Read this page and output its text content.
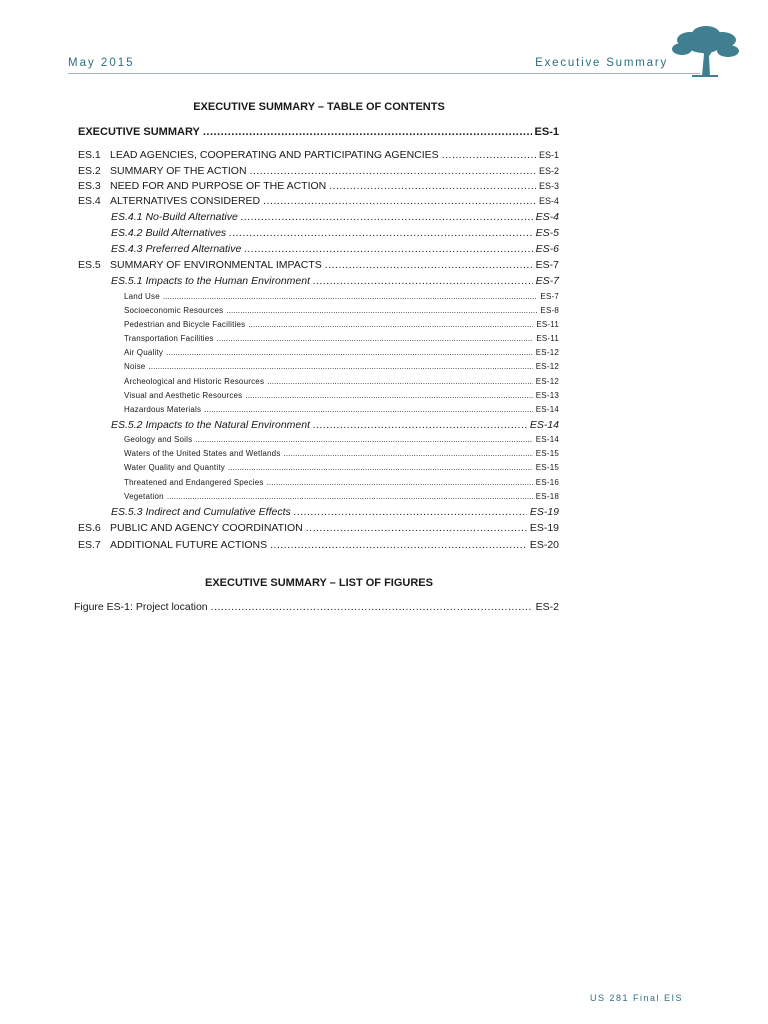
May 2015	Executive Summary
EXECUTIVE SUMMARY – TABLE OF CONTENTS
EXECUTIVE SUMMARY .....	ES-1
ES.1 LEAD AGENCIES, COOPERATING AND PARTICIPATING AGENCIES .....	ES-1
ES.2 SUMMARY OF THE ACTION .....	ES-2
ES.3 NEED FOR AND PURPOSE OF THE ACTION .....	ES-3
ES.4 ALTERNATIVES CONSIDERED .....	ES-4
ES.4.1 No-Build Alternative .....	ES-4
ES.4.2 Build Alternatives .....	ES-5
ES.4.3 Preferred Alternative .....	ES-6
ES.5 SUMMARY OF ENVIRONMENTAL IMPACTS .....	ES-7
ES.5.1 Impacts to the Human Environment .....	ES-7
Land Use .....	ES-7
Socioeconomic Resources .....	ES-8
Pedestrian and Bicycle Facilities .....	ES-11
Transportation Facilities .....	ES-11
Air Quality .....	ES-12
Noise .....	ES-12
Archeological and Historic Resources .....	ES-12
Visual and Aesthetic Resources .....	ES-13
Hazardous Materials .....	ES-14
ES.5.2 Impacts to the Natural Environment .....	ES-14
Geology and Soils .....	ES-14
Waters of the United States and Wetlands .....	ES-15
Water Quality and Quantity .....	ES-15
Threatened and Endangered Species .....	ES-16
Vegetation .....	ES-18
ES.5.3 Indirect and Cumulative Effects .....	ES-19
ES.6 PUBLIC AND AGENCY COORDINATION .....	ES-19
ES.7 ADDITIONAL FUTURE ACTIONS .....	ES-20
EXECUTIVE SUMMARY – LIST OF FIGURES
Figure ES-1: Project location .....	ES-2
US 281 Final EIS
